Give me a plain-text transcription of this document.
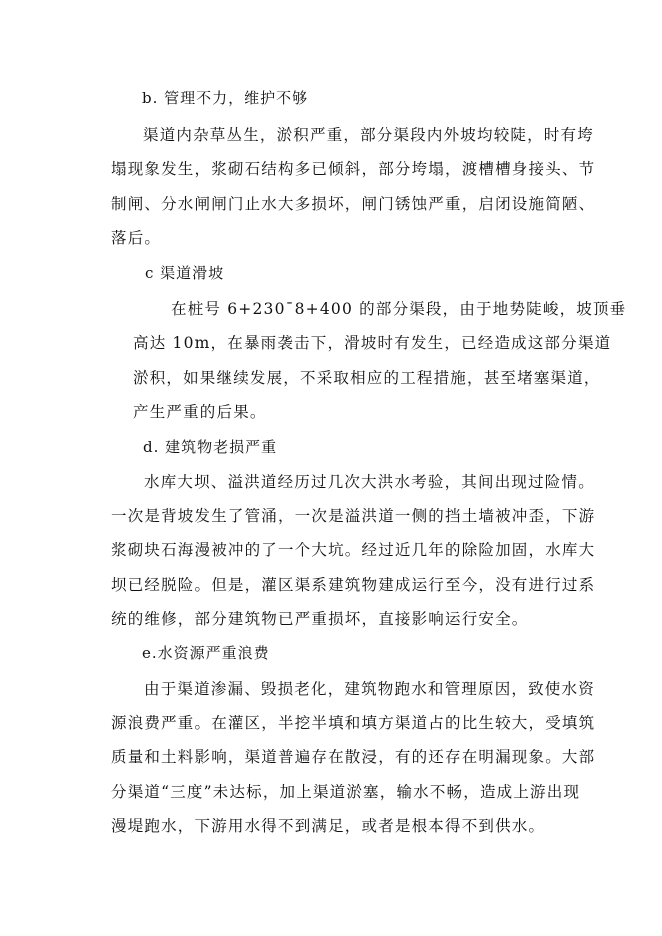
b. 管理不力，维护不够
渠道内杂草丛生，淤积严重，部分渠段内外坡均较陡，时有垮
塌现象发生，浆砌石结构多已倾斜，部分垮塌，渡槽槽身接头、节
制闸、分水闸闸门止水大多损坏，闸门锈蚀严重，启闭设施简陋、
落后。
c 渠道滑坡
在桩号 6+230¯8+400 的部分渠段，由于地势陡峻，坡顶垂
高达 10m，在暴雨袭击下，滑坡时有发生，已经造成这部分渠道
淤积，如果继续发展，不采取相应的工程措施，甚至堵塞渠道，
产生严重的后果。
d. 建筑物老损严重
水库大坝、溢洪道经历过几次大洪水考验，其间出现过险情。
一次是背坡发生了管涌，一次是溢洪道一侧的挡土墙被冲歪，下游
浆砌块石海漫被冲的了一个大坑。经过近几年的除险加固，水库大
坝已经脱险。但是，灌区渠系建筑物建成运行至今，没有进行过系
统的维修，部分建筑物已严重损坏，直接影响运行安全。
e.水资源严重浪费
由于渠道渗漏、毁损老化，建筑物跑水和管理原因，致使水资
源浪费严重。在灌区，半挖半填和填方渠道占的比生较大，受填筑
质量和土料影响，渠道普遍存在散浸，有的还存在明漏现象。大部
分渠道“三度”未达标，加上渠道淤塞，输水不畅，造成上游出现
漫堤跑水，下游用水得不到满足，或者是根本得不到供水。
